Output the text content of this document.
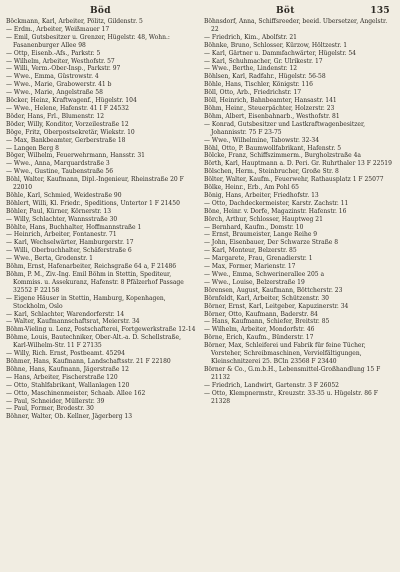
Böd	Böt	135
Böckmann, Karl, Arbeiter, Pölitz, Gildenstr. 5
— Erdm., Arbeiter, Weißmauer 17
— Emil, Gutsbesitzer u. Grenzer, Hügelstr. 48, Wohn.: Fasanenburger Allee 98
— Ottp, Eisenb.-Afs., Parkstr. 5
— Wilhelm, Arbeiter, Westhofstr. 57
— Willi, Verm.-Ober-Insp., Parkstr. 97
— Wwe., Emma, Güstrowstr. 4
— Wwe., Marie, Grabowerstr. 41 b
— Wwe., Marie, Angelstraße 58
Böcker, Heinz, Kraftwagenf., Hügelstr. 104
— Wwe., Helene, Hafenstr. 41 I F 24532
Böder, Hans, Frl., Blumenstr. 12
Böder, Willy, Konditor, Vorzeilestraße 12
Böge, Fritz, Oberpostsekretär, Wiekstr. 10
— Max, Bankbeamter, Gerberstraße 18
— Langen Berg 8
Böger, Wilhelm, Feuerwehrmann, Hansstr. 31
— Wwe., Anna, Marquardstraße 3
— Wwe., Gustine, Taubenstraße 56
Böhl, Walter, Kaufmann, Dipl.-Ingenieur, Rheinstraße 20 F 22010
Böhle, Karl, Schmied, Weidestraße 90
Böhlert, Willi, Kl. Friedr., Speditions, Untertor 1 F 21450
Böhler, Paul, Kürner, Körnerstr. 13
— Willy, Schlachter, Wannsstraße 30
Böhlte, Hans, Buchhalter, Hoffmannstraße 1
— Heinrich, Arbeiter, Fontanestr. 71
— Karl, Wechselwärter, Hamburgerstr. 17
— Willi, Oberbuchhalter, Schäferstraße 6
— Wwe., Berta, Grodenstr. 1
Böhm, Ernst, Hafenarbeiter, Reichsgraße 64 a, F 21486
Böhm, P. M., Ziv.-Ing. Emil Böhm in Stettin, Spediteur, Kommiss. u. Assekuranz, Hafenstr. 8 Pfälzerhof Passage 32552 F 22158
— Eigene Häuser in Stettin, Hamburg, Kopenhagen, Stockholm, Oslo
— Karl, Schlachter, Warendorferstr. 14
— Walter, Kaufmannschaftsrat, Meierstr. 34
Böhm-Vieling u. Lenz, Postschafterei, Fortgewerkstraße 12-14
Böhme, Louis, Bautechniker, Ober-Alt.-a. D. Schellstraße, Karl-Wilhelm-Str. 11 F 27135
— Willy, Rich. Ernst, Postbeamt. 45294
Böhmer, Hans, Kaufmann, Landschaftsstr. 21 F 22180
Böhne, Hans, Kaufmann, Jägerstraße 12
— Hans, Arbeiter, Fischerstraße 120
— Otto, Stahlfabrikant, Wallanlagen 120
— Otto, Maschinenmeister, Schaab. Allee 162
— Paul, Schneider, Müllerstr. 39
— Paul, Former, Brodestr. 30
Böhner, Walter, Ob. Kellner, Jägerberg 13
Böhnsdorf, Anna, Schiffsreeder, beeid. Übersetzer, Angelstr. 22
— Friedrich, Kim., Abolfstr. 21
Böhnke, Bruno, Schlosser, Kürzow, Höltzestr. 1
— Karl, Gärtner u. Dammfachwärter, Hügelstr. 54
— Karl, Schuhmacher, Gr. Ulrikestr. 17
— Wwe., Berthe, Lindenstr. 12
Böhlsen, Karl, Radfahr., Hügelstr. 56-58
Böhle, Hans, Tischler, Königstr. 116
Böll, Otto, Arb., Friedrichstr. 17
Böll, Heinrich, Bahnbeamter, Hansastr. 141
Böhm, Heinr., Steuerpächter, Holzerstr. 23
Böhm, Albert, Eisenbahnarb., Westhofstr. 81
— Konrad, Gutsbesitzer und Lastkraftwagenbesitzer, Johannisstr. 75 F 23-75
— Wwe., Wilhelmine, Tabowstr. 32-34
Böhl, Otto, P. Baumwollfabrikant, Hafenstr. 5
Bölcke, Franz, Schiffszimmerm., Burgholzstraße 4a
Börth, Karl, Hauptmann a. D. Peri. Gr. Ruhrthaler 13 F 22519
Bölschen, Herm., Steinbrucher, Große Str. 8
Bölter, Walter, Kaufm., Feuerwehr, Rathausplatz 1 F 25077
Bölke, Heinr., Erb., Am Pohl 65
Bönig, Hans, Arbeiter, Friedhofstr. 13
— Otto, Dachdeckermeister, Karstr. Zachstr. 11
Böne, Heinr. v. Dorfe, Magazinstr. Hafenstr. 16
Börch, Arthur, Schlosser, Hauptweg 21
— Bernhard, Kaufm., Domstr. 10
— Ernst, Braumeister, Lange Reihe 9
— John, Eisenbauer, Der Schwarze Straße 8
— Karl, Monteur, Belzerstr. 85
— Margarete, Frau, Grenadierstr. 1
— Max, Former, Marienstr. 17
— Wwe., Emma, Schwerinerallee 205 a
— Wwe., Louise, Belzerstraße 19
Börensen, August, Kaufmann, Böttcherstr. 23
Börnfeldt, Karl, Arbeiter, Schützenstr. 30
Börner, Ernst, Karl, Leitgeber, Kapuzinerstr. 34
Börner, Otto, Kaufmann, Baderstr. 84
— Hans, Kaufmann, Schiefer, Breitstr. 85
— Wilhelm, Arbeiter, Mondorfstr. 46
Börne, Erich, Kaufm., Bünderstr. 17
Börner, Max, Schleiferei und Fabrik für feine Tücher, Vorsteher, Schreibmaschinen, Vervielfältigungen, Kleinschnitzerei 25. BCln 23568 F 23440
Börner & Co., G.m.b.H., Lebensmittel-Großhandlung 15 F 21132
— Friedrich, Landwirt, Gartenstr. 3 F 26052
— Otto, Klempnermstr., Kreuzstr. 33-35 u. Hügelstr. 86 F 21328
